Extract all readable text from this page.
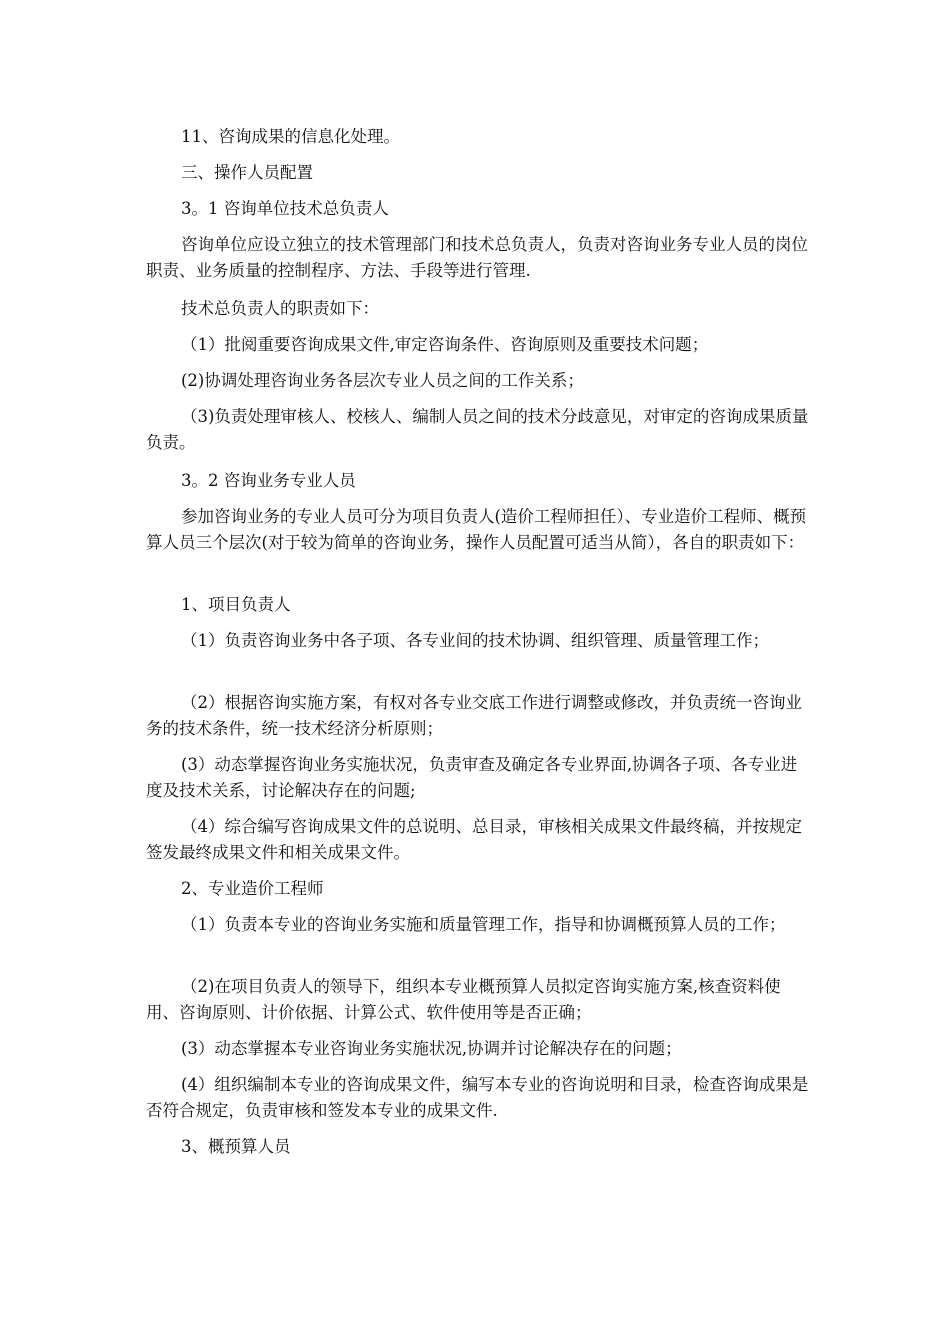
11、咨询成果的信息化处理。

三、操作人员配置

3。1 咨询单位技术总负责人

咨询单位应设立独立的技术管理部门和技术总负责人，负责对咨询业务专业人员的岗位职责、业务质量的控制程序、方法、手段等进行管理.

技术总负责人的职责如下：

（1）批阅重要咨询成果文件,审定咨询条件、咨询原则及重要技术问题；

(2)协调处理咨询业务各层次专业人员之间的工作关系；

（3)负责处理审核人、校核人、编制人员之间的技术分歧意见，对审定的咨询成果质量负责。

3。2 咨询业务专业人员

参加咨询业务的专业人员可分为项目负责人(造价工程师担任）、专业造价工程师、概预算人员三个层次(对于较为简单的咨询业务，操作人员配置可适当从简），各自的职责如下：

1、项目负责人

（1）负责咨询业务中各子项、各专业间的技术协调、组织管理、质量管理工作；

（2）根据咨询实施方案，有权对各专业交底工作进行调整或修改，并负责统一咨询业务的技术条件，统一技术经济分析原则；

(3）动态掌握咨询业务实施状况，负责审查及确定各专业界面,协调各子项、各专业进度及技术关系，讨论解决存在的问题;

（4）综合编写咨询成果文件的总说明、总目录，审核相关成果文件最终稿，并按规定签发最终成果文件和相关成果文件。

2、专业造价工程师

（1）负责本专业的咨询业务实施和质量管理工作，指导和协调概预算人员的工作；

（2)在项目负责人的领导下，组织本专业概预算人员拟定咨询实施方案,核查资料使用、咨询原则、计价依据、计算公式、软件使用等是否正确；

(3）动态掌握本专业咨询业务实施状况,协调并讨论解决存在的问题；

(4）组织编制本专业的咨询成果文件，编写本专业的咨询说明和目录，检查咨询成果是否符合规定，负责审核和签发本专业的成果文件.

3、概预算人员
